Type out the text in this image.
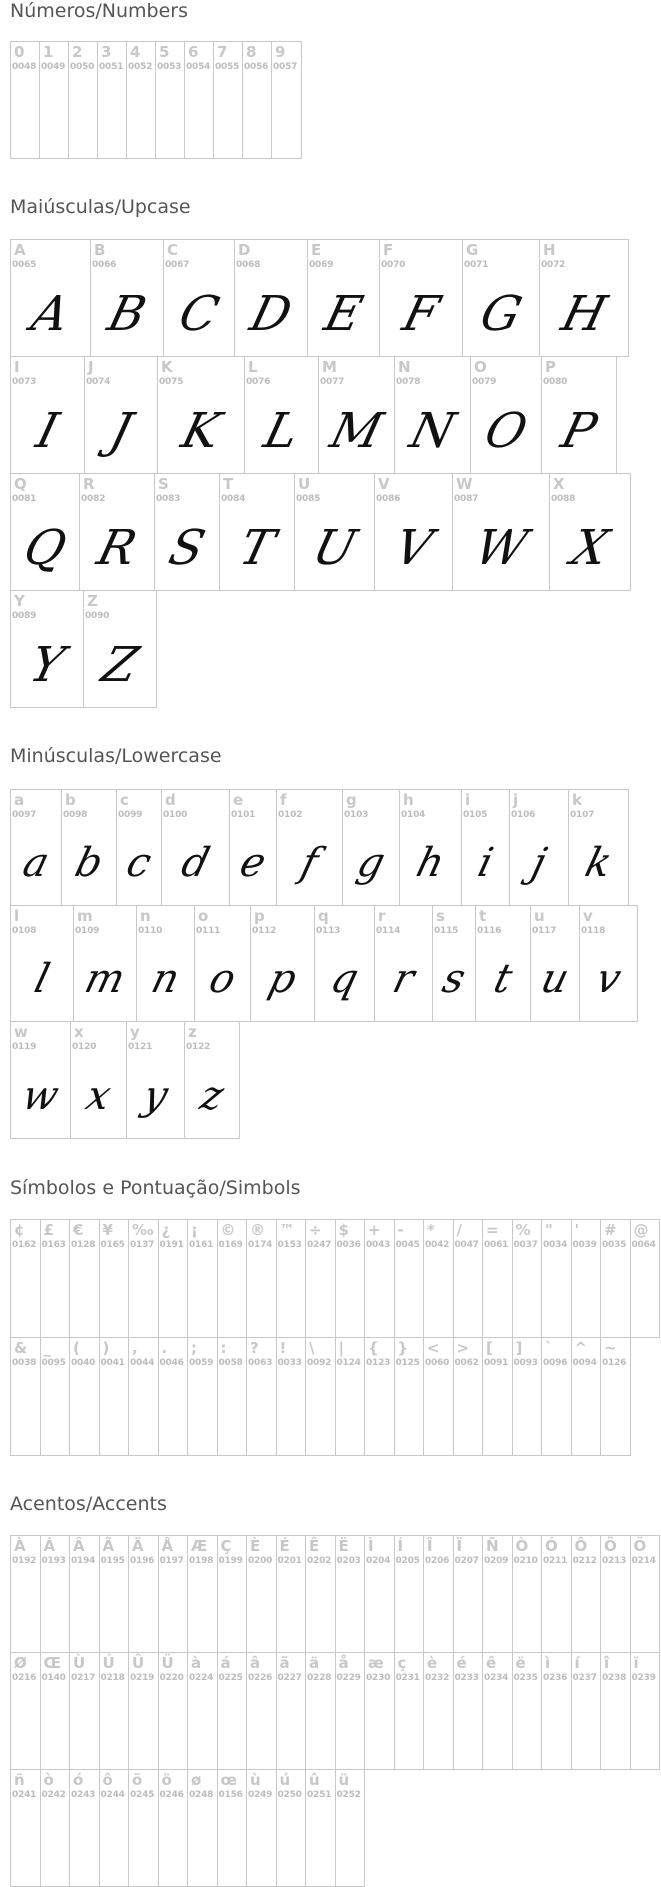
Números/Numbers
0
0048
1
0049
2
0050
3
0051
4
0052
5
0053
6
0054
7
0055
8
0056
9
0057
Maiúsculas/Upcase
A
0065
A
B
0066
B
C
0067
C
D
0068
D
E
0069
E
F
0070
F
G
0071
G
H
0072
H
I
0073
I
J
0074
J
K
0075
K
L
0076
L
M
0077
M
N
0078
N
O
0079
O
P
0080
P
Q
0081
Q
R
0082
R
S
0083
S
T
0084
T
U
0085
U
V
0086
V
W
0087
W
X
0088
X
Y
0089
Y
Z
0090
Z
Minúsculas/Lowercase
a
0097
a
b
0098
b
c
0099
c
d
0100
d
e
0101
e
f
0102
f
g
0103
g
h
0104
h
i
0105
i
j
0106
j
k
0107
k
l
0108
l
m
0109
m
n
0110
n
o
0111
o
p
0112
p
q
0113
q
r
0114
r
s
0115
s
t
0116
t
u
0117
u
v
0118
v
w
0119
w
x
0120
x
y
0121
y
z
0122
z
Símbolos e Pontuação/Simbols
¢
0162
£
0163
€
0128
¥
0165
‰
0137
¿
0191
¡
0161
©
0169
®
0174
™
0153
÷
0247
$
0036
+
0043
-
0045
*
0042
/
0047
=
0061
%
0037
"
0034
'
0039
#
0035
@
0064
&
0038
_
0095
(
0040
)
0041
,
0044
.
0046
;
0059
:
0058
?
0063
!
0033
\
0092
|
0124
{
0123
}
0125
<
0060
>
0062
[
0091
]
0093
`
0096
^
0094
~
0126
Acentos/Accents
À
0192
Á
0193
Â
0194
Ã
0195
Ä
0196
Å
0197
Æ
0198
Ç
0199
È
0200
É
0201
Ê
0202
Ë
0203
Ì
0204
Í
0205
Î
0206
Ï
0207
Ñ
0209
Ò
0210
Ó
0211
Ô
0212
Õ
0213
Ö
0214
Ø
0216
Œ
0140
Ù
0217
Ú
0218
Û
0219
Ü
0220
à
0224
á
0225
â
0226
ã
0227
ä
0228
å
0229
æ
0230
ç
0231
è
0232
é
0233
ê
0234
ë
0235
ì
0236
í
0237
î
0238
ï
0239
ñ
0241
ò
0242
ó
0243
ô
0244
õ
0245
ö
0246
ø
0248
œ
0156
ù
0249
ú
0250
û
0251
ü
0252
